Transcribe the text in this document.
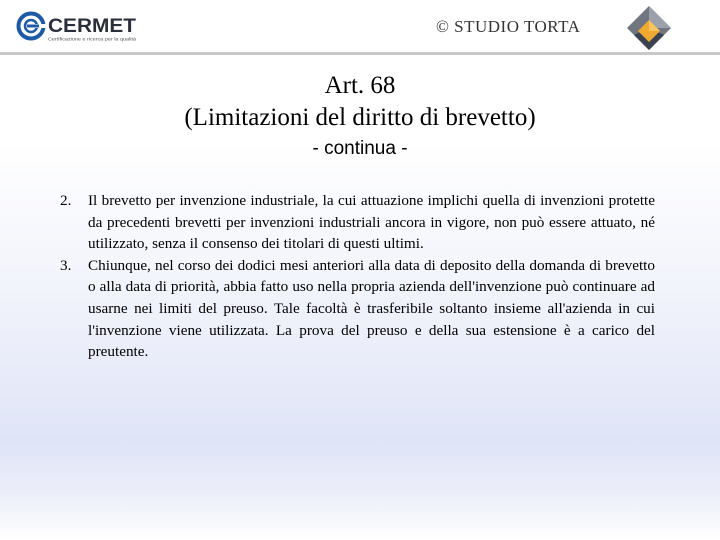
CERMET
Certificazione e ricerca per la qualità
© STUDIO TORTA
Art. 68
(Limitazioni del diritto di brevetto)
- continua -
2. Il brevetto per invenzione industriale, la cui attuazione implichi quella di invenzioni protette da precedenti brevetti per invenzioni industriali ancora in vigore, non può essere attuato, né utilizzato, senza il consenso dei titolari di questi ultimi.
3. Chiunque, nel corso dei dodici mesi anteriori alla data di deposito della domanda di brevetto o alla data di priorità, abbia fatto uso nella propria azienda dell'invenzione può continuare ad usarne nei limiti del preuso. Tale facoltà è trasferibile soltanto insieme all'azienda in cui l'invenzione viene utilizzata. La prova del preuso e della sua estensione è a carico del preutente.
